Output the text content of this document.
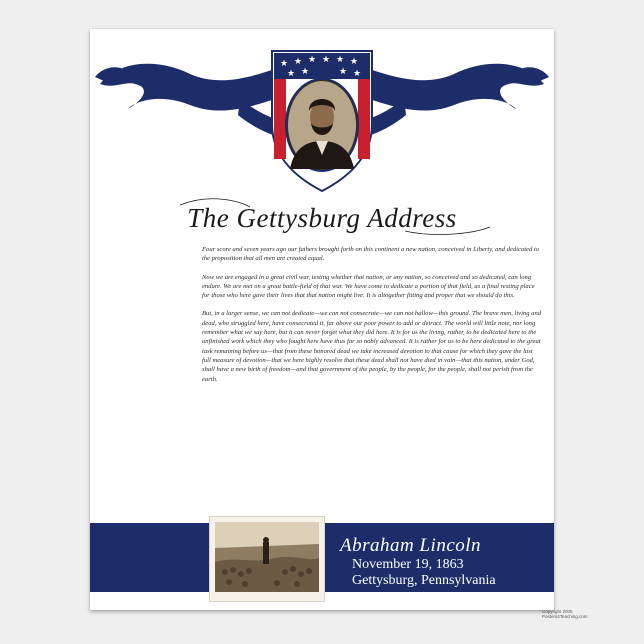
★ ★ ★ ★ ★ ★
★ ★	★ ★
The Gettysburg Address

Four score and seven years ago our fathers brought forth on this continent a new nation, conceived in Liberty, and dedicated to the proposition that all men are created equal.

Now we are engaged in a great civil war, testing whether that nation, or any nation, so conceived and so dedicated, can long endure. We are met on a great battle-field of that war. We have come to dedicate a portion of that field, as a final resting place for those who here gave their lives that that nation might live. It is altogether fitting and proper that we should do this.

But, in a larger sense, we can not dedicate—we can not consecrate—we can not hallow—this ground. The brave men, living and dead, who struggled here, have consecrated it, far above our poor power to add or detract. The world will little note, nor long remember what we say here, but it can never forget what they did here. It is for us the living, rather, to be dedicated here to the unfinished work which they who fought here have thus far so nobly advanced. It is rather for us to be here dedicated to the great task remaining before us—that from these honored dead we take increased devotion to that cause for which they gave the last full measure of devotion—that we here highly resolve that these dead shall not have died in vain—that this nation, under God, shall have a new birth of freedom—and that government of the people, by the people, for the people, shall not perish from the earth.

Abraham Lincoln
November 19, 1863
Gettysburg, Pennsylvania
Copyright 2005 Posters4Teaching.com
